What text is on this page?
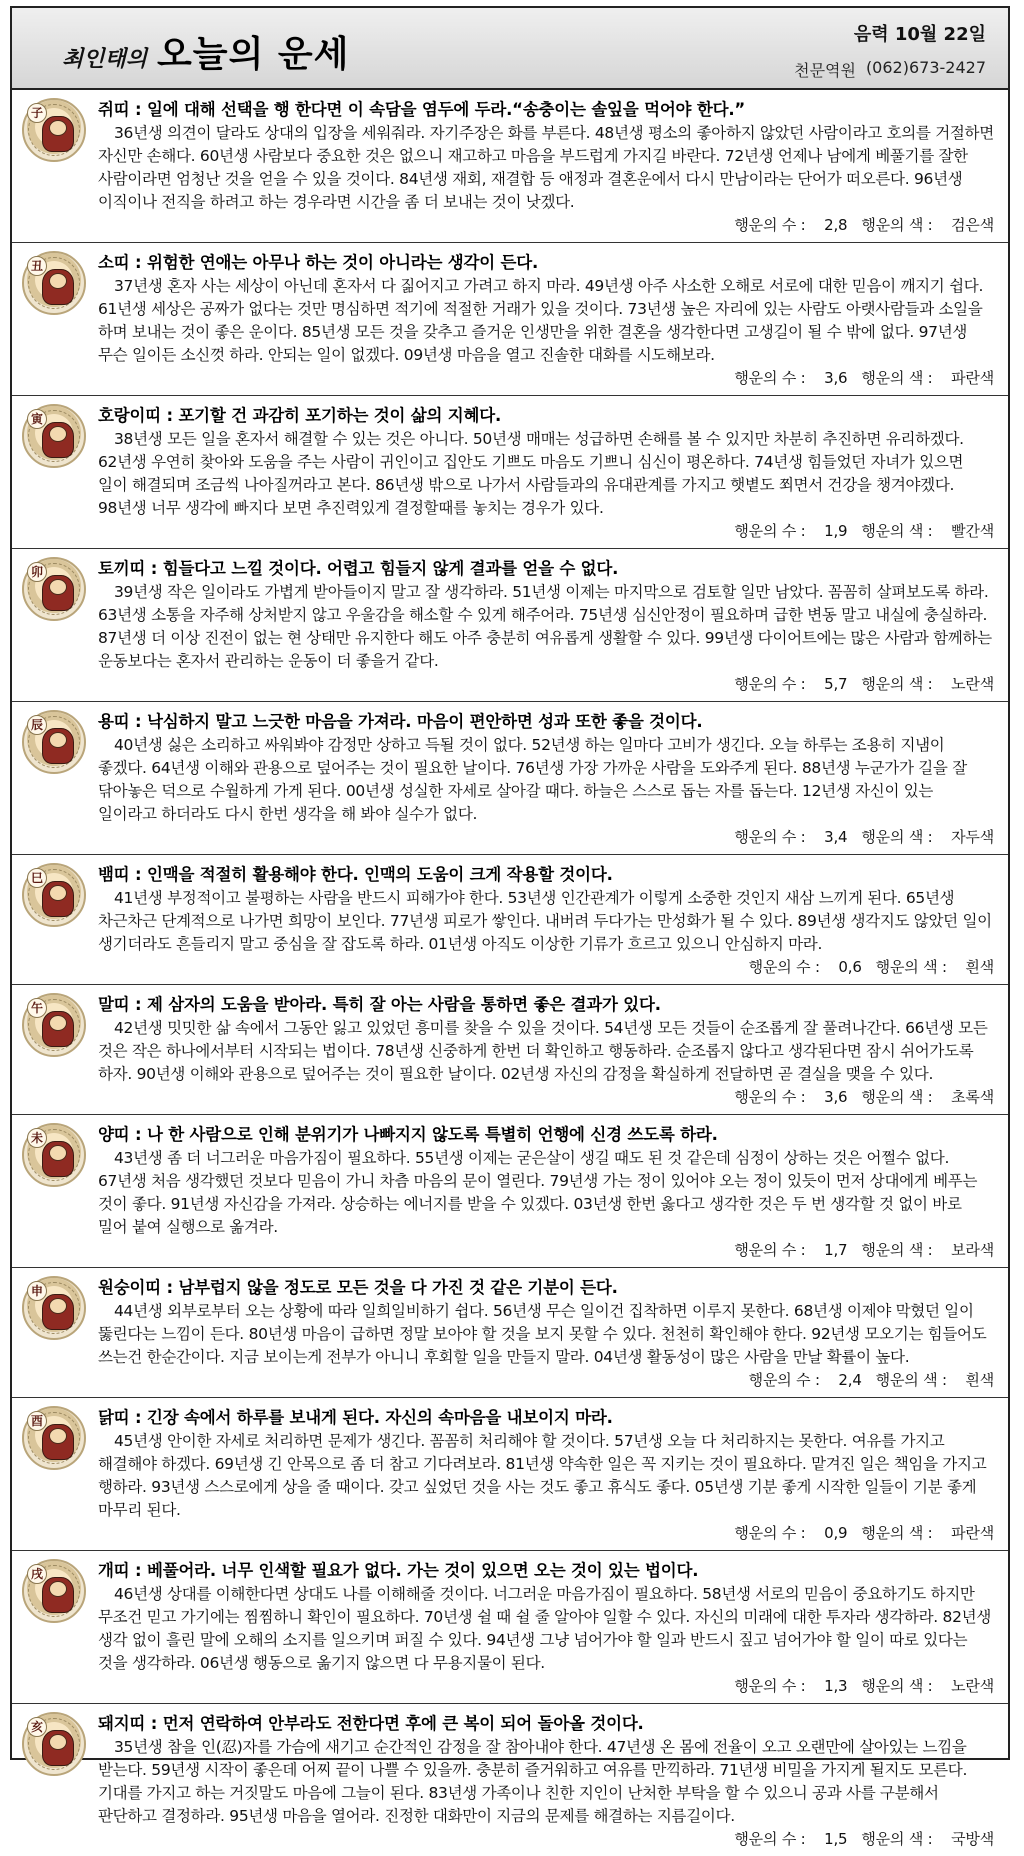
최인태의 오늘의 운세	음력 10월 22일
천문역원 (062)673-2427
子	쥐띠 : 일에 대해 선택을 행 한다면 이 속담을 염두에 두라.“송충이는 솔잎을 먹어야 한다.”
36년생 의견이 달라도 상대의 입장을 세워줘라. 자기주장은 화를 부른다. 48년생 평소의 좋아하지 않았던 사람이라고 호의를 거절하면 자신만 손해다. 60년생 사람보다 중요한 것은 없으니 재고하고 마음을 부드럽게 가지길 바란다. 72년생 언제나 남에게 베풀기를 잘한 사람이라면 엄청난 것을 얻을 수 있을 것이다. 84년생 재회, 재결합 등 애정과 결혼운에서 다시 만남이라는 단어가 떠오른다. 96년생 이직이나 전직을 하려고 하는 경우라면 시간을 좀 더 보내는 것이 낫겠다.
행운의 수 : 2,8 행운의 색 : 검은색
丑	소띠 : 위험한 연애는 아무나 하는 것이 아니라는 생각이 든다.
37년생 혼자 사는 세상이 아닌데 혼자서 다 짊어지고 가려고 하지 마라. 49년생 아주 사소한 오해로 서로에 대한 믿음이 깨지기 쉽다. 61년생 세상은 공짜가 없다는 것만 명심하면 적기에 적절한 거래가 있을 것이다. 73년생 높은 자리에 있는 사람도 아랫사람들과 소일을 하며 보내는 것이 좋은 운이다. 85년생 모든 것을 갖추고 즐거운 인생만을 위한 결혼을 생각한다면 고생길이 될 수 밖에 없다. 97년생 무슨 일이든 소신껏 하라. 안되는 일이 없겠다. 09년생 마음을 열고 진솔한 대화를 시도해보라.
행운의 수 : 3,6 행운의 색 : 파란색
寅	호랑이띠 : 포기할 건 과감히 포기하는 것이 삶의 지혜다.
38년생 모든 일을 혼자서 해결할 수 있는 것은 아니다. 50년생 매매는 성급하면 손해를 볼 수 있지만 차분히 추진하면 유리하겠다. 62년생 우연히 찾아와 도움을 주는 사람이 귀인이고 집안도 기쁘도 마음도 기쁘니 심신이 평온하다. 74년생 힘들었던 자녀가 있으면 일이 해결되며 조금씩 나아질꺼라고 본다. 86년생 밖으로 나가서 사람들과의 유대관계를 가지고 햇볕도 쬐면서 건강을 챙겨야겠다. 98년생 너무 생각에 빠지다 보면 추진력있게 결정할때를 놓치는 경우가 있다.
행운의 수 : 1,9 행운의 색 : 빨간색
卯	토끼띠 : 힘들다고 느낄 것이다. 어렵고 힘들지 않게 결과를 얻을 수 없다.
39년생 작은 일이라도 가볍게 받아들이지 말고 잘 생각하라. 51년생 이제는 마지막으로 검토할 일만 남았다. 꼼꼼히 살펴보도록 하라. 63년생 소통을 자주해 상처받지 않고 우울감을 해소할 수 있게 해주어라. 75년생 심신안정이 필요하며 급한 변동 말고 내실에 충실하라. 87년생 더 이상 진전이 없는 현 상태만 유지한다 해도 아주 충분히 여유롭게 생활할 수 있다. 99년생 다이어트에는 많은 사람과 함께하는 운동보다는 혼자서 관리하는 운동이 더 좋을거 같다.
행운의 수 : 5,7 행운의 색 : 노란색
辰	용띠 : 낙심하지 말고 느긋한 마음을 가져라. 마음이 편안하면 성과 또한 좋을 것이다.
40년생 싫은 소리하고 싸워봐야 감정만 상하고 득될 것이 없다. 52년생 하는 일마다 고비가 생긴다. 오늘 하루는 조용히 지냄이 좋겠다. 64년생 이해와 관용으로 덮어주는 것이 필요한 날이다. 76년생 가장 가까운 사람을 도와주게 된다. 88년생 누군가가 길을 잘 닦아놓은 덕으로 수월하게 가게 된다. 00년생 성실한 자세로 살아갈 때다. 하늘은 스스로 돕는 자를 돕는다. 12년생 자신이 있는 일이라고 하더라도 다시 한번 생각을 해 봐야 실수가 없다.
행운의 수 : 3,4 행운의 색 : 자두색
巳	뱀띠 : 인맥을 적절히 활용해야 한다. 인맥의 도움이 크게 작용할 것이다.
41년생 부정적이고 불평하는 사람을 반드시 피해가야 한다. 53년생 인간관계가 이렇게 소중한 것인지 새삼 느끼게 된다. 65년생 차근차근 단계적으로 나가면 희망이 보인다. 77년생 피로가 쌓인다. 내버려 두다가는 만성화가 될 수 있다. 89년생 생각지도 않았던 일이 생기더라도 흔들리지 말고 중심을 잘 잡도록 하라. 01년생 아직도 이상한 기류가 흐르고 있으니 안심하지 마라.
행운의 수 : 0,6 행운의 색 : 흰색
午	말띠 : 제 삼자의 도움을 받아라. 특히 잘 아는 사람을 통하면 좋은 결과가 있다.
42년생 밋밋한 삶 속에서 그동안 잃고 있었던 흥미를 찾을 수 있을 것이다. 54년생 모든 것들이 순조롭게 잘 풀려나간다. 66년생 모든 것은 작은 하나에서부터 시작되는 법이다. 78년생 신중하게 한번 더 확인하고 행동하라. 순조롭지 않다고 생각된다면 잠시 쉬어가도록 하자. 90년생 이해와 관용으로 덮어주는 것이 필요한 날이다. 02년생 자신의 감정을 확실하게 전달하면 곧 결실을 맺을 수 있다.
행운의 수 : 3,6 행운의 색 : 초록색
未	양띠 : 나 한 사람으로 인해 분위기가 나빠지지 않도록 특별히 언행에 신경 쓰도록 하라.
43년생 좀 더 너그러운 마음가짐이 필요하다. 55년생 이제는 굳은살이 생길 때도 된 것 같은데 심정이 상하는 것은 어쩔수 없다. 67년생 처음 생각했던 것보다 믿음이 가니 차츰 마음의 문이 열린다. 79년생 가는 정이 있어야 오는 정이 있듯이 먼저 상대에게 베푸는 것이 좋다. 91년생 자신감을 가져라. 상승하는 에너지를 받을 수 있겠다. 03년생 한번 옳다고 생각한 것은 두 번 생각할 것 없이 바로 밀어 붙여 실행으로 옮겨라.
행운의 수 : 1,7 행운의 색 : 보라색
申	원숭이띠 : 남부럽지 않을 정도로 모든 것을 다 가진 것 같은 기분이 든다.
44년생 외부로부터 오는 상황에 따라 일희일비하기 쉽다. 56년생 무슨 일이건 집착하면 이루지 못한다. 68년생 이제야 막혔던 일이 뚫린다는 느낌이 든다. 80년생 마음이 급하면 정말 보아야 할 것을 보지 못할 수 있다. 천천히 확인해야 한다. 92년생 모오기는 힘들어도 쓰는건 한순간이다. 지금 보이는게 전부가 아니니 후회할 일을 만들지 말라. 04년생 활동성이 많은 사람을 만날 확률이 높다.
행운의 수 : 2,4 행운의 색 : 흰색
酉	닭띠 : 긴장 속에서 하루를 보내게 된다. 자신의 속마음을 내보이지 마라.
45년생 안이한 자세로 처리하면 문제가 생긴다. 꼼꼼히 처리해야 할 것이다. 57년생 오늘 다 처리하지는 못한다. 여유를 가지고 해결해야 하겠다. 69년생 긴 안목으로 좀 더 참고 기다려보라. 81년생 약속한 일은 꼭 지키는 것이 필요하다. 맡겨진 일은 책임을 가지고 행하라. 93년생 스스로에게 상을 줄 때이다. 갖고 싶었던 것을 사는 것도 좋고 휴식도 좋다. 05년생 기분 좋게 시작한 일들이 기분 좋게 마무리 된다.
행운의 수 : 0,9 행운의 색 : 파란색
戌	개띠 : 베풀어라. 너무 인색할 필요가 없다. 가는 것이 있으면 오는 것이 있는 법이다.
46년생 상대를 이해한다면 상대도 나를 이해해줄 것이다. 너그러운 마음가짐이 필요하다. 58년생 서로의 믿음이 중요하기도 하지만 무조건 믿고 가기에는 찜찜하니 확인이 필요하다. 70년생 쉴 때 쉴 줄 알아야 일할 수 있다. 자신의 미래에 대한 투자라 생각하라. 82년생 생각 없이 흘린 말에 오해의 소지를 일으키며 퍼질 수 있다. 94년생 그냥 넘어가야 할 일과 반드시 짚고 넘어가야 할 일이 따로 있다는 것을 생각하라. 06년생 행동으로 옮기지 않으면 다 무용지물이 된다.
행운의 수 : 1,3 행운의 색 : 노란색
亥	돼지띠 : 먼저 연락하여 안부라도 전한다면 후에 큰 복이 되어 돌아올 것이다.
35년생 참을 인(忍)자를 가슴에 새기고 순간적인 감정을 잘 참아내야 한다. 47년생 온 몸에 전율이 오고 오랜만에 살아있는 느낌을 받는다. 59년생 시작이 좋은데 어찌 끝이 나쁠 수 있을까. 충분히 즐거워하고 여유를 만끽하라. 71년생 비밀을 가지게 될지도 모른다. 기대를 가지고 하는 거짓말도 마음에 그늘이 된다. 83년생 가족이나 친한 지인이 난처한 부탁을 할 수 있으니 공과 사를 구분해서 판단하고 결정하라. 95년생 마음을 열어라. 진정한 대화만이 지금의 문제를 해결하는 지름길이다.
행운의 수 : 1,5 행운의 색 : 국방색
